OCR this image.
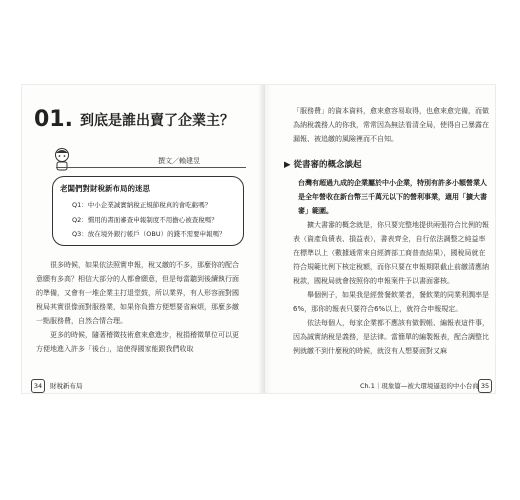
01. 到底是誰出賣了企業主？
撰文／賴建昱
老闆們對財稅新布局的迷思
Q1：中小企業誠實納稅正規節稅真的會吃虧嗎？
Q2：慣用的書面審查申報制度不用擔心被查稅嗎？
Q3：放在境外銀行帳戶（OBU）的錢不需要申報嗎？

很多時候，如果依法照實申報，稅又繳的不多，那麼你的配合意願有多高？相信大部分的人都會願意，但是每當聽到後續執行面的準備，又會有一堆企業主打退堂鼓，所以業界，有人形容面對國稅局其實很像面對服務業，如果你負擔方便想要省麻煩，那麼多繳一點服務費，自然合情合理。

更多的時候，隨著稽徵技術愈來愈進步，稅捐稽徵單位可以更方便地進入許多「後台」，這使得國家能跟我們收取

34	財稅新布局

「服務費」的資本資料，愈來愈容易取得，也愈來愈完備，而做為納稅義務人的你我，常常因為無法看清全局，使得自己暴露在漏報、被追繳的風險裡而不自知。

▶ 從書審的概念談起
台灣有超過九成的企業屬於中小企業，特別有許多小額營業人是全年營收在新台幣三千萬元以下的營利事業，適用「擴大書審」範圍。

擴大書審的概念就是，你只要完整地提供兩張符合比例的報表（資產負債表、損益表），書表齊全，自行依法調整之純益率在標準以上（數據通常來自經濟部工商普查結果），國稅局就在符合規範比例下核定稅額，而你只要在申報期限截止前繳清應納稅款，國稅局就會按照你的申報案件予以書面審核。

舉個例子，如果我是經營餐飲業者，餐飲業的同業利潤率是6%，那你的報表只要符合6%以上，就符合申報規定。

依法每個人，每家企業都不應該有做假帳、編報表這件事，因為誠實納稅是義務，是法律。當簡單的編製報表，配合調整比例就繳不到什麼稅的時候，就沒有人想要面對又麻

Ch.1｜現象篇—被大環境逼退的中小台商 35
